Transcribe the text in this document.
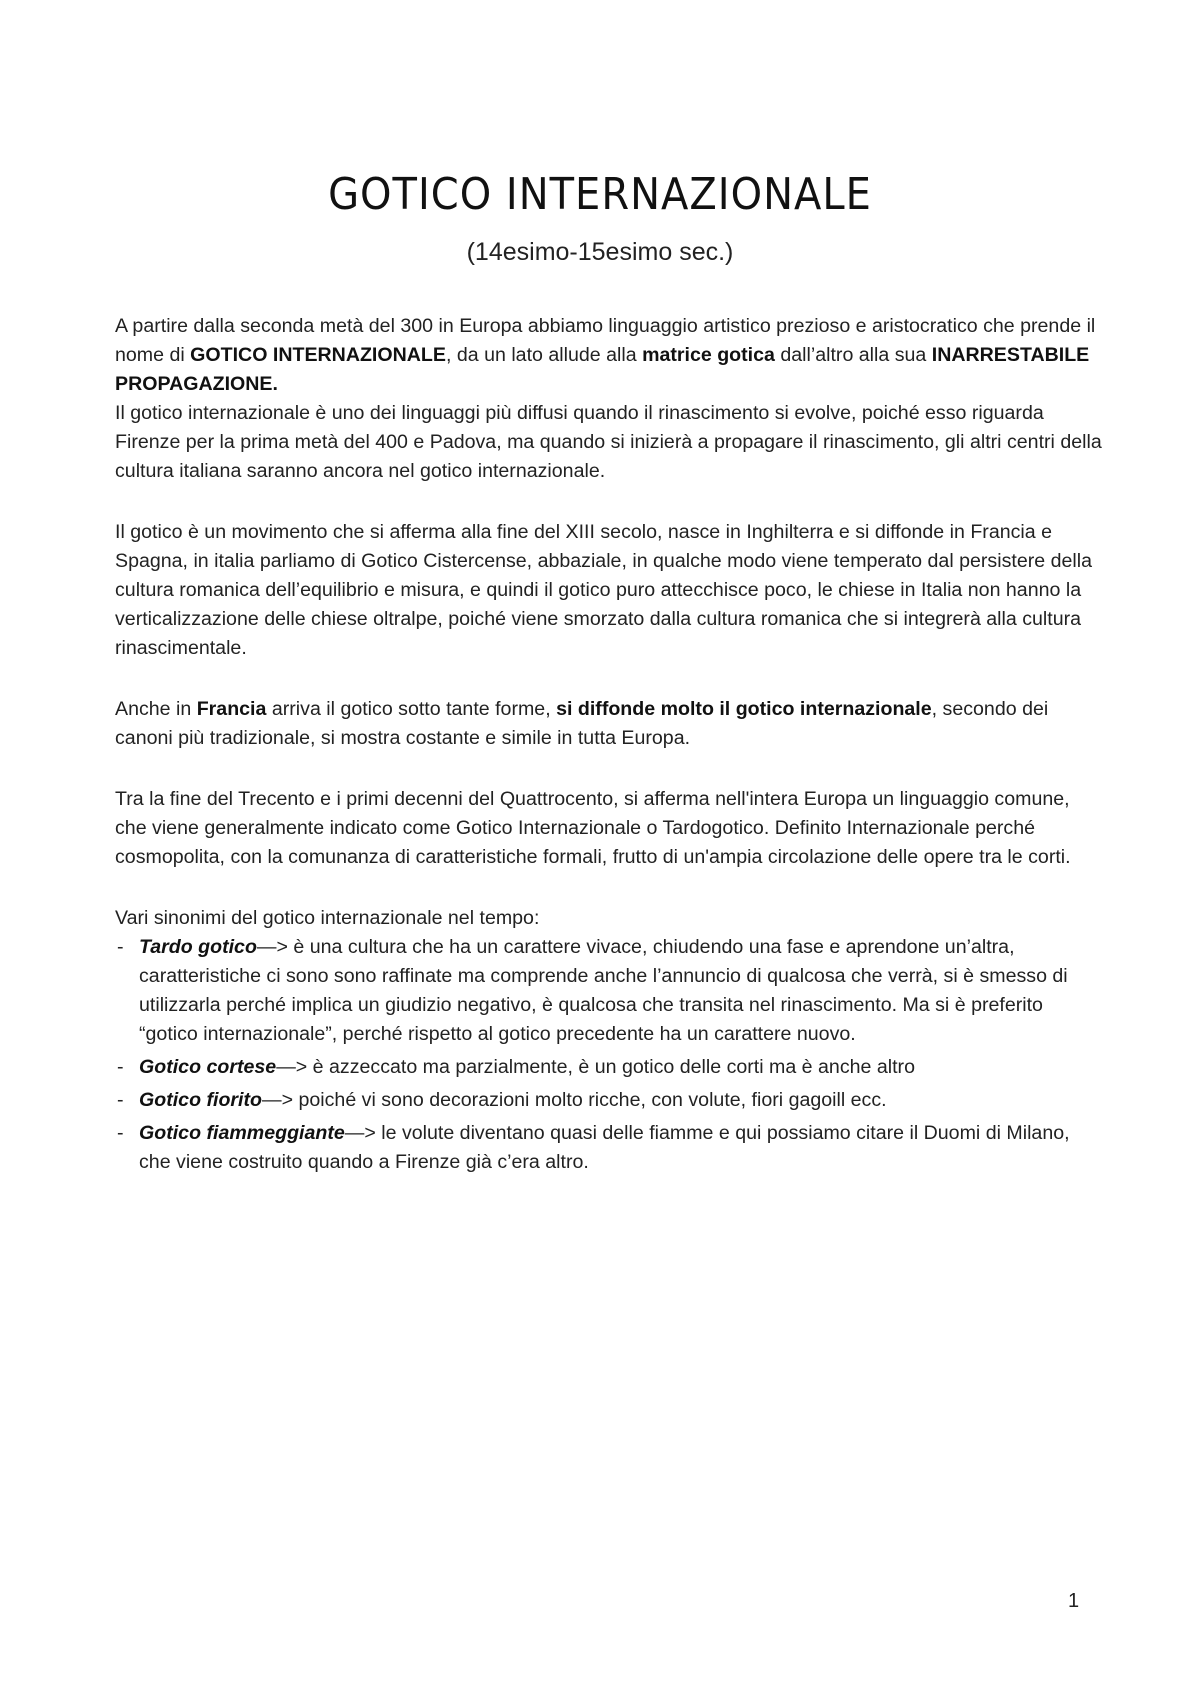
GOTICO INTERNAZIONALE
(14esimo-15esimo sec.)

A partire dalla seconda metà del 300 in Europa abbiamo linguaggio artistico prezioso e aristocratico che prende il nome di GOTICO INTERNAZIONALE, da un lato allude alla matrice gotica dall’altro alla sua INARRESTABILE PROPAGAZIONE.
Il gotico internazionale è uno dei linguaggi più diffusi quando il rinascimento si evolve, poiché esso riguarda Firenze per la prima metà del 400 e Padova, ma quando si inizierà a propagare il rinascimento, gli altri centri della cultura italiana saranno ancora nel gotico internazionale.

Il gotico è un movimento che si afferma alla fine del XIII secolo, nasce in Inghilterra e si diffonde in Francia e Spagna, in italia parliamo di Gotico Cistercense, abbaziale, in qualche modo viene temperato dal persistere della cultura romanica dell’equilibrio e misura, e quindi il gotico puro attecchisce poco, le chiese in Italia non hanno la verticalizzazione delle chiese oltralpe, poiché viene smorzato dalla cultura romanica che si integrerà alla cultura rinascimentale.

Anche in Francia arriva il gotico sotto tante forme, si diffonde molto il gotico internazionale, secondo dei canoni più tradizionale, si mostra costante e simile in tutta Europa.

Tra la fine del Trecento e i primi decenni del Quattrocento, si afferma nell'intera Europa un linguaggio comune, che viene generalmente indicato come Gotico Internazionale o Tardogotico. Definito Internazionale perché cosmopolita, con la comunanza di caratteristiche formali, frutto di un'ampia circolazione delle opere tra le corti.

Vari sinonimi del gotico internazionale nel tempo:

- Tardo gotico—> è una cultura che ha un carattere vivace, chiudendo una fase e aprendone un’altra, caratteristiche ci sono sono raffinate ma comprende anche l’annuncio di qualcosa che verrà, si è smesso di utilizzarla perché implica un giudizio negativo, è qualcosa che transita nel rinascimento. Ma si è preferito “gotico internazionale”, perché rispetto al gotico precedente ha un carattere nuovo.
- Gotico cortese—> è azzeccato ma parzialmente, è un gotico delle corti ma è anche altro
- Gotico fiorito—> poiché vi sono decorazioni molto ricche, con volute, fiori gagoill ecc.
- Gotico fiammeggiante—> le volute diventano quasi delle fiamme e qui possiamo citare il Duomi di Milano, che viene costruito quando a Firenze già c’era altro.
1
